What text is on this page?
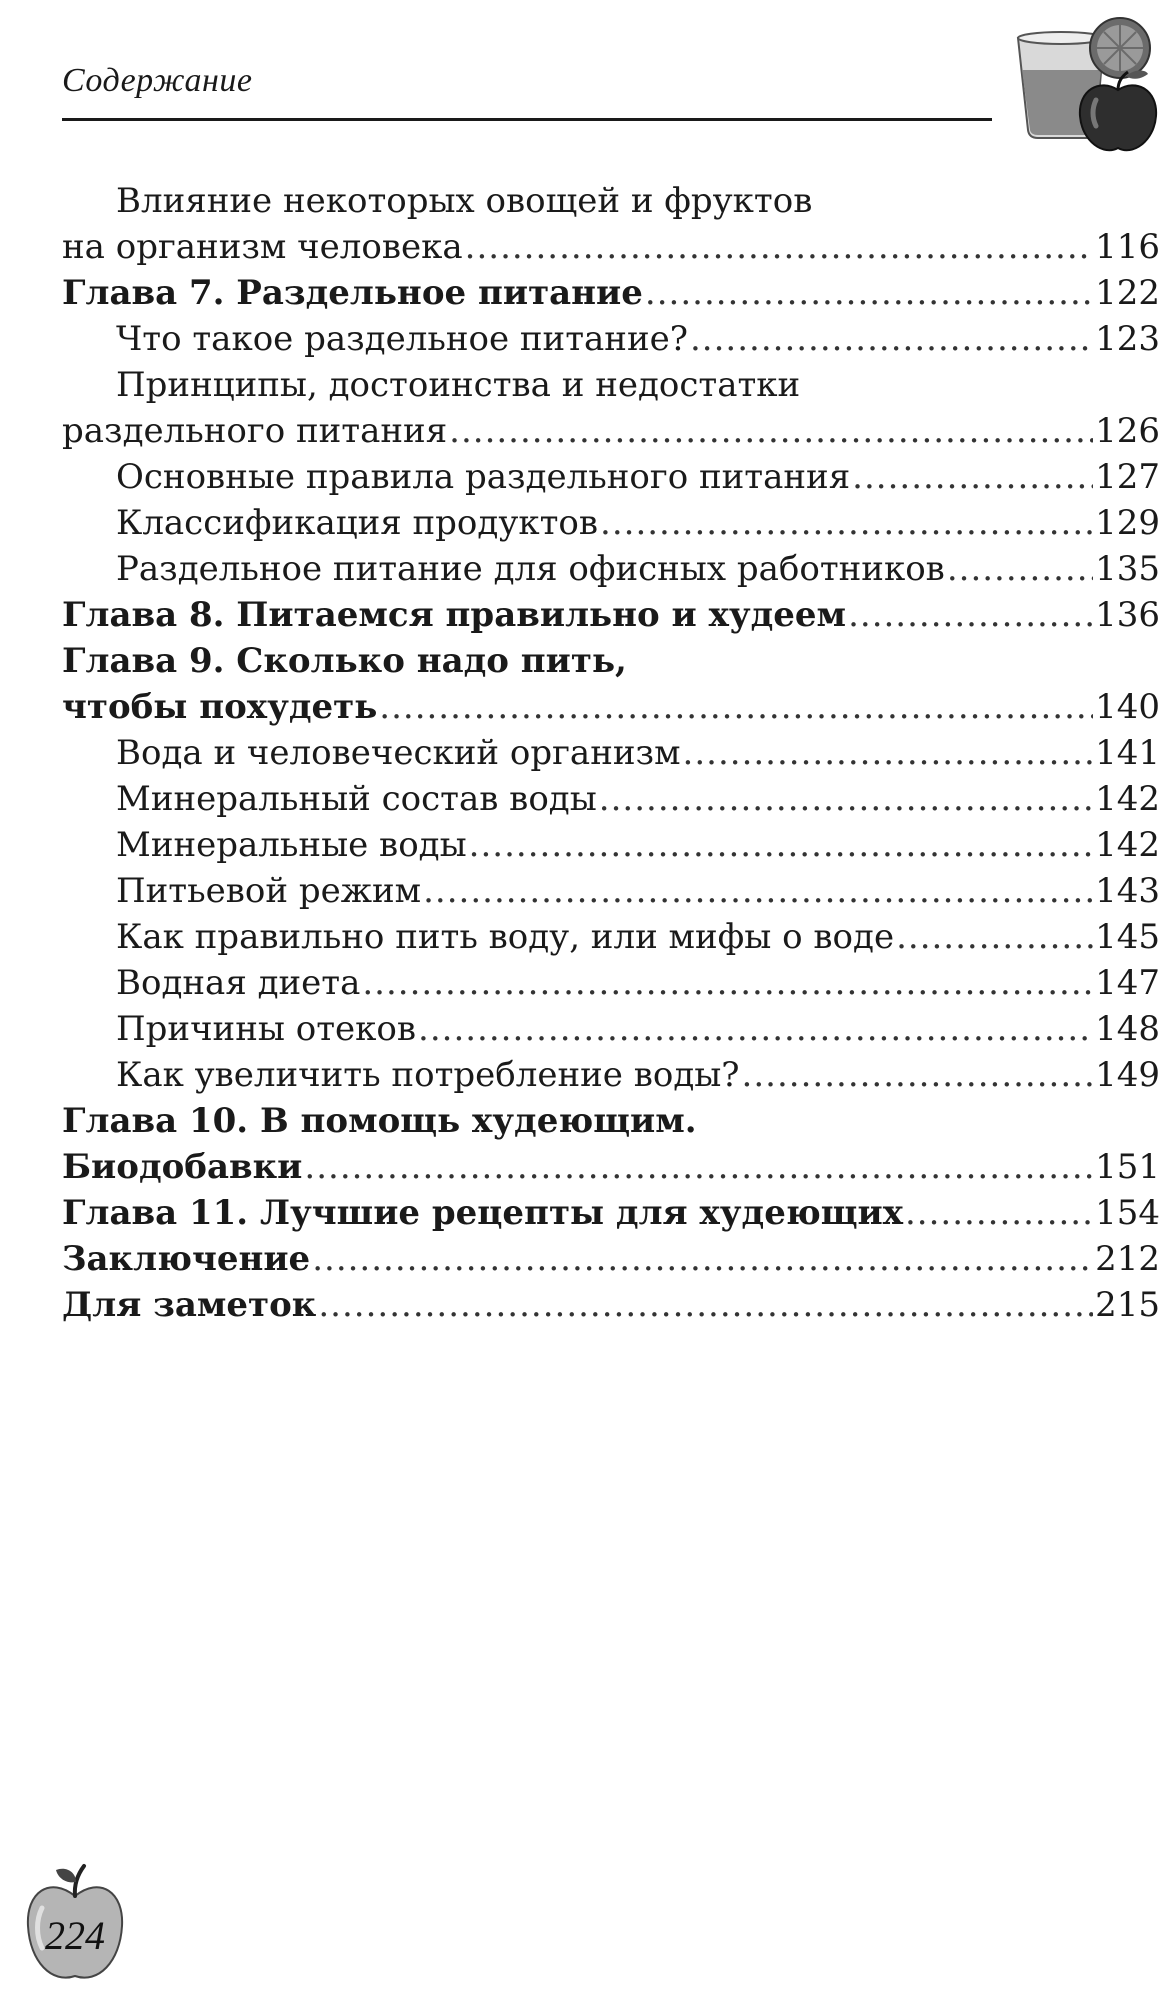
Содержание
Влияние некоторых овощей и фруктов
на организм человека .....	116
Глава 7. Раздельное питание .....	122
Что такое раздельное питание? .....	123
Принципы, достоинства и недостатки
раздельного питания .....	126
Основные правила раздельного питания .....	127
Классификация продуктов .....	129
Раздельное питание для офисных работников .....	135
Глава 8. Питаемся правильно и худеем .....	136
Глава 9. Сколько надо пить,
чтобы похудеть .....	140
Вода и человеческий организм .....	141
Минеральный состав воды .....	142
Минеральные воды .....	142
Питьевой режим .....	143
Как правильно пить воду, или мифы о воде .....	145
Водная диета .....	147
Причины отеков .....	148
Как увеличить потребление воды? .....	149
Глава 10. В помощь худеющим.
Биодобавки .....	151
Глава 11. Лучшие рецепты для худеющих .....	154
Заключение .....	212
Для заметок .....	215
224
